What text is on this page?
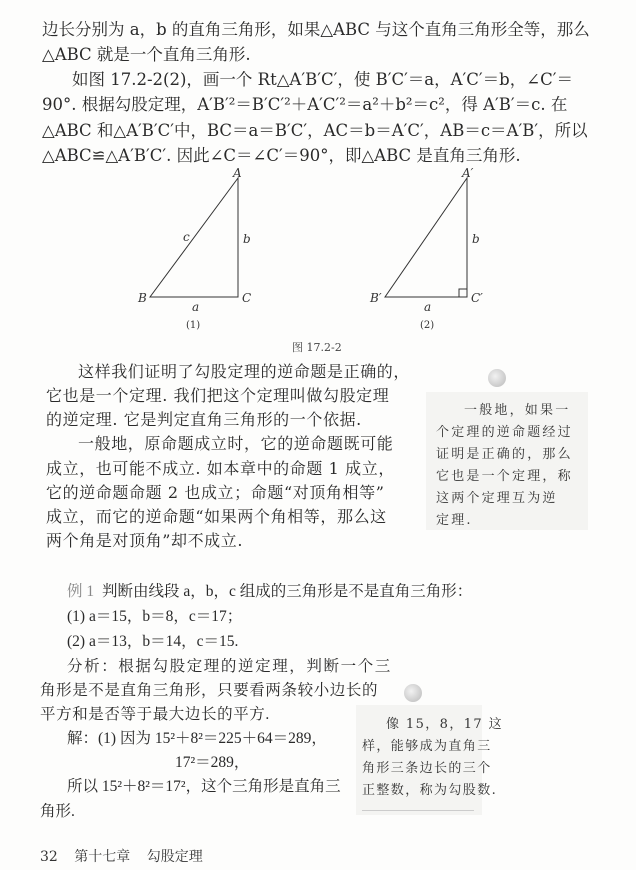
边长分别为 a，b 的直角三角形，如果△ABC 与这个直角三角形全等，那么
△ABC 就是一个直角三角形.
如图 17.2-2(2)，画一个 Rt△A′B′C′，使 B′C′＝a，A′C′＝b，∠C′＝
90°. 根据勾股定理，A′B′²＝B′C′²＋A′C′²＝a²＋b²＝c²，得 A′B′＝c. 在
△ABC 和△A′B′C′中，BC＝a＝B′C′，AC＝b＝A′C′，AB＝c＝A′B′，所以
△ABC≌△A′B′C′. 因此∠C＝∠C′＝90°，即△ABC 是直角三角形.
A
B	C
c	b
a
(1)
A′
B′	C′
b
a
(2)
图 17.2-2
这样我们证明了勾股定理的逆命题是正确的，
它也是一个定理. 我们把这个定理叫做勾股定理
的逆定理. 它是判定直角三角形的一个依据.
一般地，原命题成立时，它的逆命题既可能
成立，也可能不成立. 如本章中的命题 1 成立，
它的逆命题命题 2 也成立；命题“对顶角相等”
成立，而它的逆命题“如果两个角相等，那么这
两个角是对顶角”却不成立.
一般地，如果一
个定理的逆命题经过
证明是正确的，那么
它也是一个定理，称
这两个定理互为逆
定理.
例 1 判断由线段 a，b，c 组成的三角形是不是直角三角形：
(1) a＝15，b＝8，c＝17；
(2) a＝13，b＝14，c＝15.
分析：根据勾股定理的逆定理，判断一个三
角形是不是直角三角形，只要看两条较小边长的
平方和是否等于最大边长的平方.
解：(1) 因为 15²＋8²＝225＋64＝289，
17²＝289，
所以 15²＋8²＝17²，这个三角形是直角三
角形.
像 15，8，17 这
样，能够成为直角三
角形三条边长的三个
正整数，称为勾股数.
32 第十七章 勾股定理
